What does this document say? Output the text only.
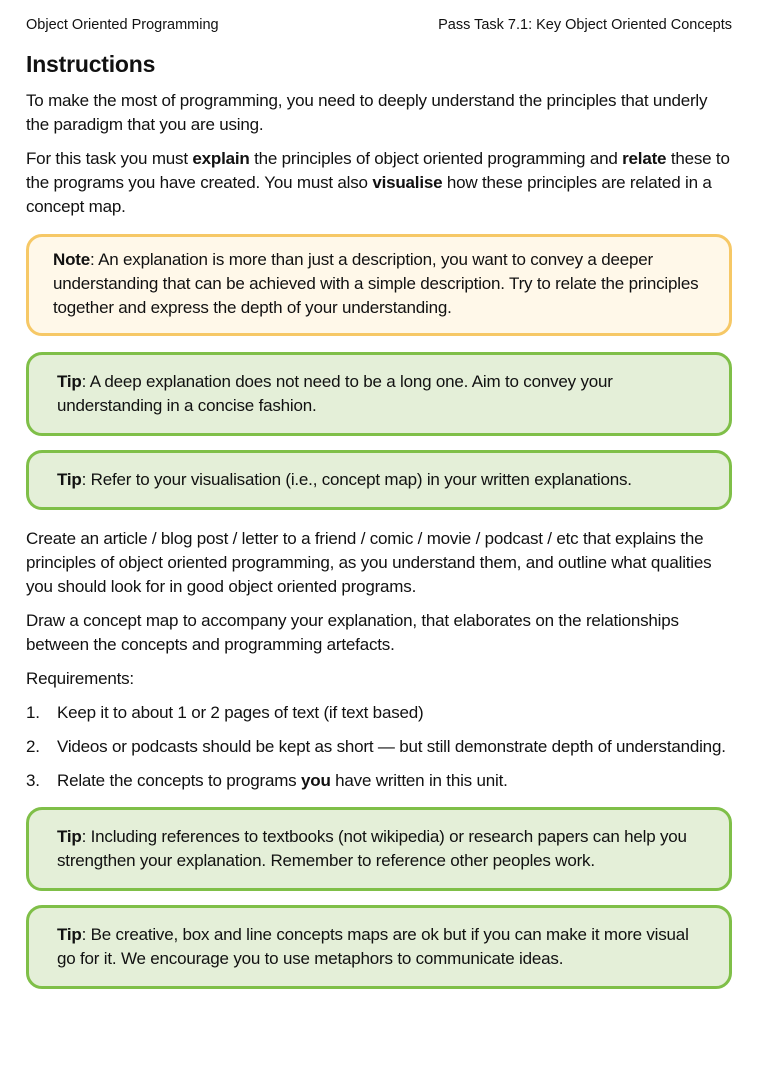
Object Oriented Programming	Pass Task 7.1: Key Object Oriented Concepts
Instructions

To make the most of programming, you need to deeply understand the principles that underly the paradigm that you are using.

For this task you must explain the principles of object oriented programming and relate these to the programs you have created. You must also visualise how these principles are related in a concept map.

Note: An explanation is more than just a description, you want to convey a deeper understanding that can be achieved with a simple description. Try to relate the principles together and express the depth of your understanding.
Tip: A deep explanation does not need to be a long one. Aim to convey your understanding in a concise fashion.
Tip: Refer to your visualisation (i.e., concept map) in your written explanations.

Create an article / blog post / letter to a friend / comic / movie / podcast / etc that explains the principles of object oriented programming, as you understand them, and outline what qualities you should look for in good object oriented programs.

Draw a concept map to accompany your explanation, that elaborates on the relationships between the concepts and programming artefacts.

Requirements:

1.	Keep it to about 1 or 2 pages of text (if text based)
2.	Videos or podcasts should be kept as short — but still demonstrate depth of understanding.
3.	Relate the concepts to programs you have written in this unit.
Tip: Including references to textbooks (not wikipedia) or research papers can help you strengthen your explanation. Remember to reference other peoples work.
Tip: Be creative, box and line concepts maps are ok but if you can make it more visual go for it. We encourage you to use metaphors to communicate ideas.
